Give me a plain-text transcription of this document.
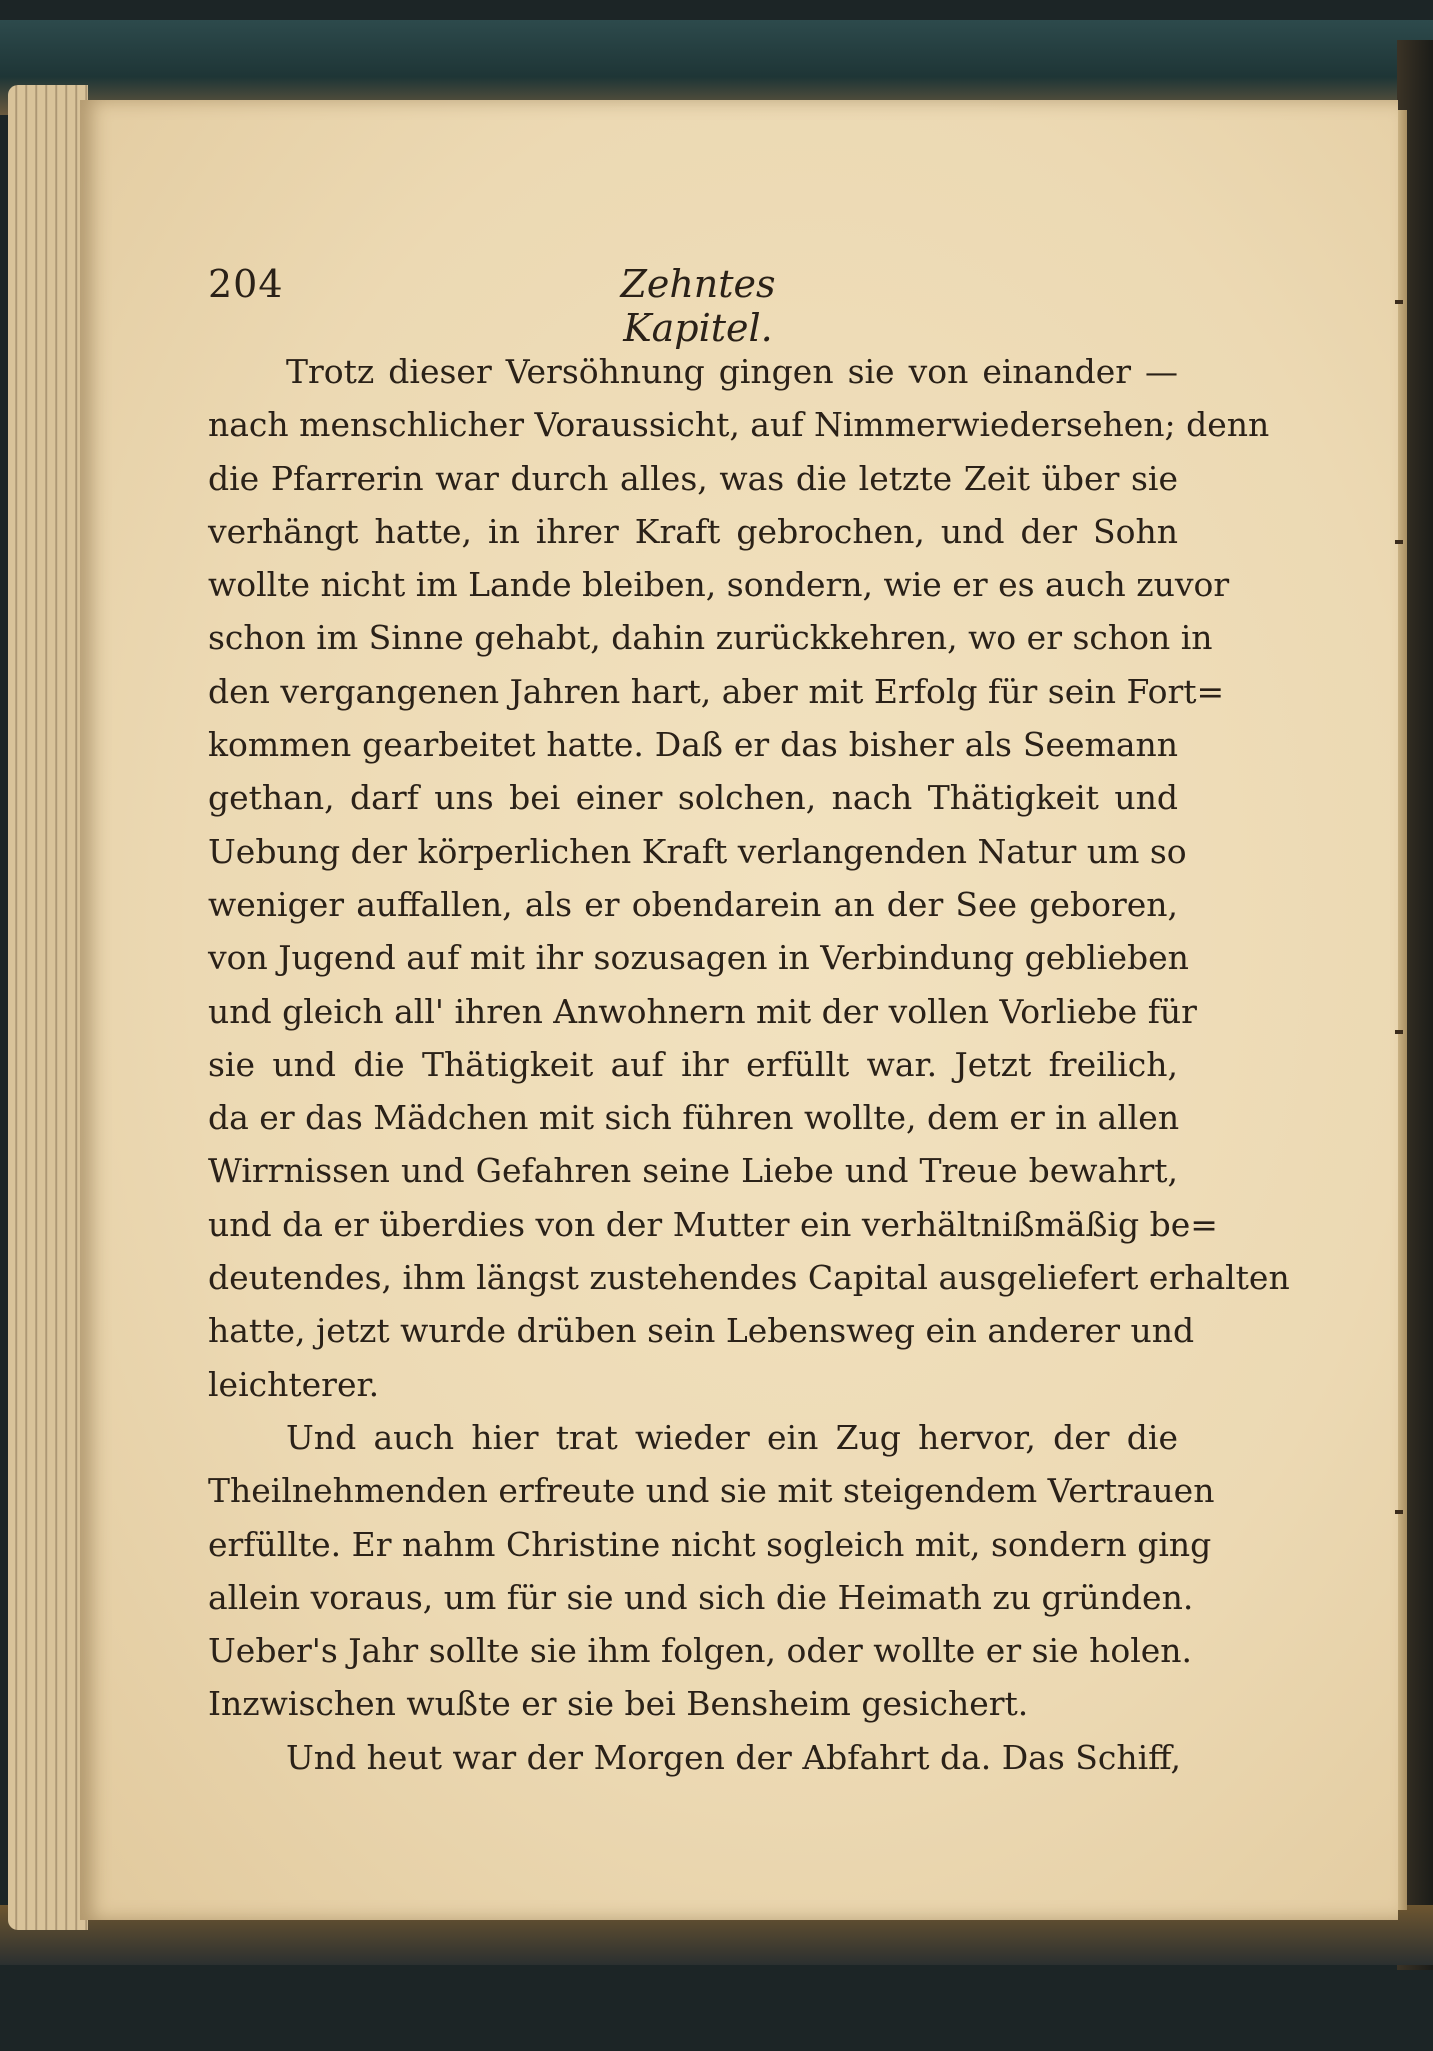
204	Zehntes Kapitel.
Trotz dieser Versöhnung gingen sie von einander —
nach menschlicher Voraussicht, auf Nimmerwiedersehen; denn
die Pfarrerin war durch alles, was die letzte Zeit über sie
verhängt hatte, in ihrer Kraft gebrochen, und der Sohn
wollte nicht im Lande bleiben, sondern, wie er es auch zuvor
schon im Sinne gehabt, dahin zurückkehren, wo er schon in
den vergangenen Jahren hart, aber mit Erfolg für sein Fort=
kommen gearbeitet hatte. Daß er das bisher als Seemann
gethan, darf uns bei einer solchen, nach Thätigkeit und
Uebung der körperlichen Kraft verlangenden Natur um so
weniger auffallen, als er obendarein an der See geboren,
von Jugend auf mit ihr sozusagen in Verbindung geblieben
und gleich all' ihren Anwohnern mit der vollen Vorliebe für
sie und die Thätigkeit auf ihr erfüllt war. Jetzt freilich,
da er das Mädchen mit sich führen wollte, dem er in allen
Wirrnissen und Gefahren seine Liebe und Treue bewahrt,
und da er überdies von der Mutter ein verhältnißmäßig be=
deutendes, ihm längst zustehendes Capital ausgeliefert erhalten
hatte, jetzt wurde drüben sein Lebensweg ein anderer und
leichterer.
Und auch hier trat wieder ein Zug hervor, der die
Theilnehmenden erfreute und sie mit steigendem Vertrauen
erfüllte. Er nahm Christine nicht sogleich mit, sondern ging
allein voraus, um für sie und sich die Heimath zu gründen.
Ueber's Jahr sollte sie ihm folgen, oder wollte er sie holen.
Inzwischen wußte er sie bei Bensheim gesichert.
Und heut war der Morgen der Abfahrt da. Das Schiff,
